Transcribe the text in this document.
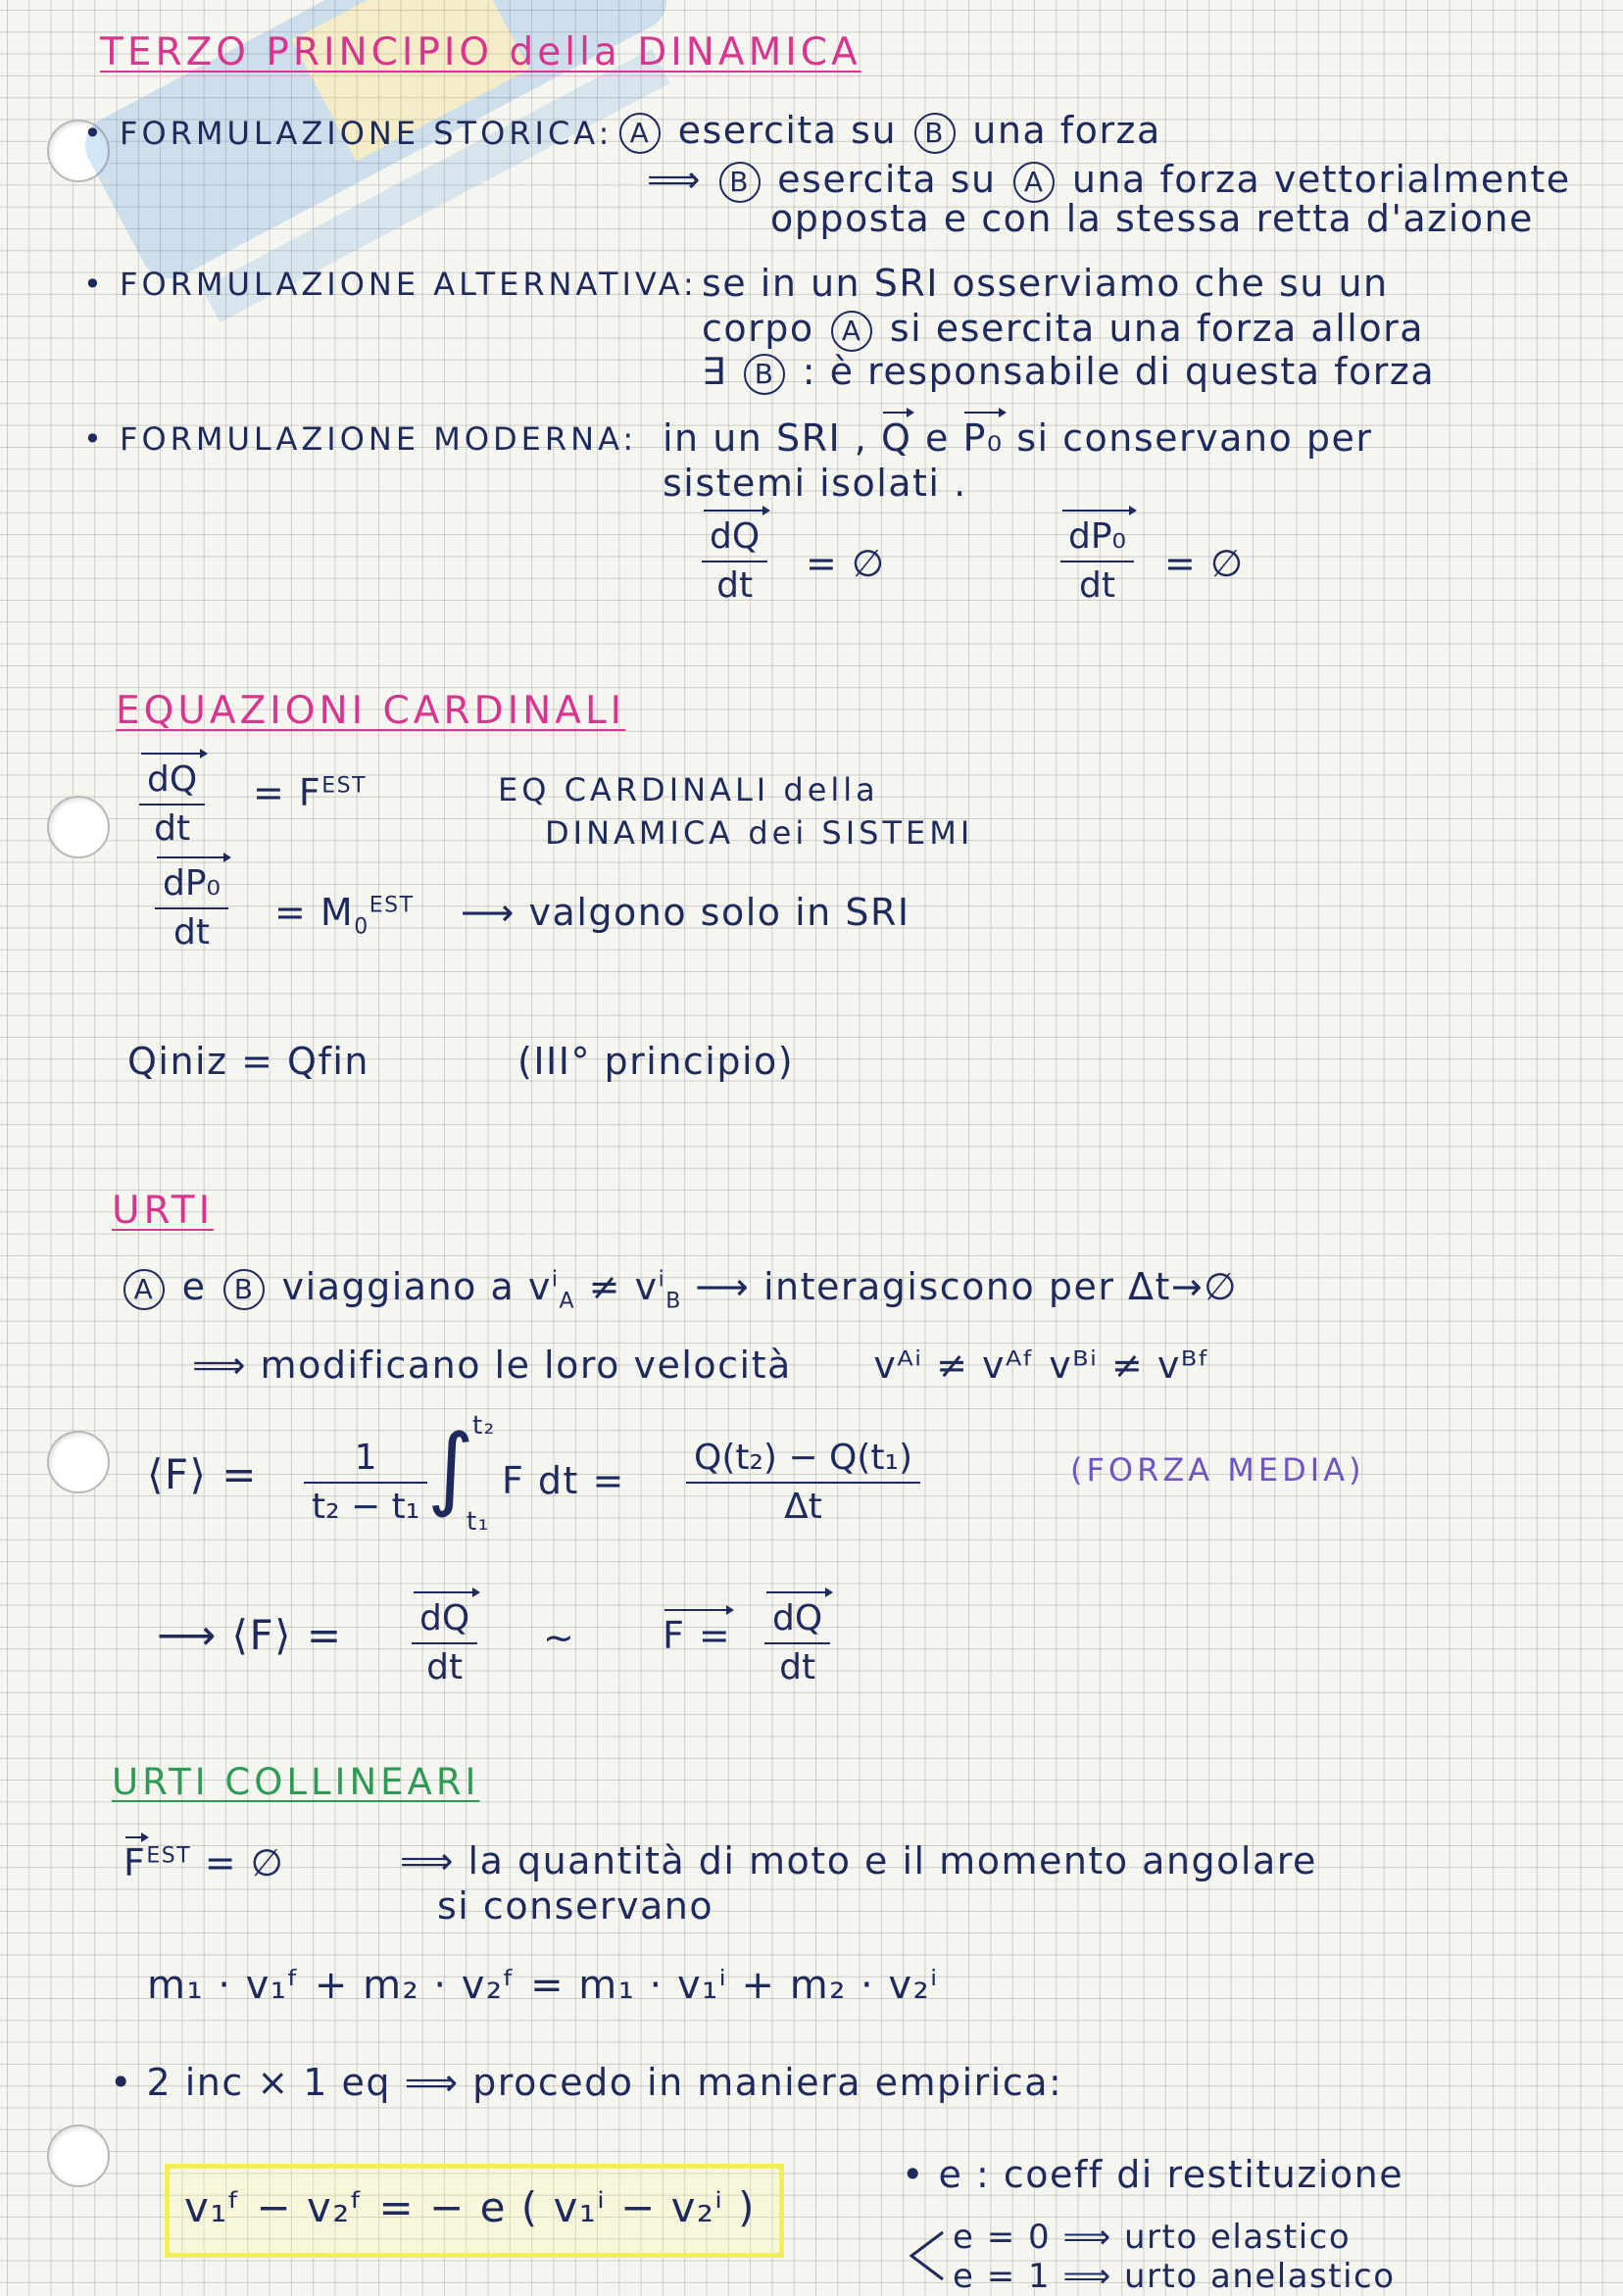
TERZO PRINCIPIO della DINAMICA
• FORMULAZIONE STORICA: A esercita su B una forza
⟹ B esercita su A una forza vettorialmente
opposta e con la stessa retta d'azione
• FORMULAZIONE ALTERNATIVA: se in un SRI osserviamo che su un
corpo A si esercita una forza allora
∃ B : è responsabile di questa forza
• FORMULAZIONE MODERNA: in un SRI , Q e P₀ si conservano per
sistemi isolati .
dQ
dt
= ∅
dP₀
dt
= ∅
EQUAZIONI CARDINALI
dQ
dt
= $F^{EST}$	EQ CARDINALI della
DINAMICA dei SISTEMI
dP₀
dt = $M_0^{EST}$ ⟶ valgono solo in SRI
Qiniz = Qfin	(III° principio)
URTI
A e B viaggiano a $v^i_A \ne v^i_B$ ⟶ interagiscono per Δt→∅
⟹ modificano le loro velocità vᴬⁱ ≠ vᴬᶠ vᴮⁱ ≠ vᴮᶠ
⟨F⟩ =	1
t₂ − t₁ ∫
t₂
t₁
F dt =
Q(t₂) − Q(t₁)
Δt
(FORZA MEDIA)
⟶ ⟨F⟩ = dQ
dt
~ F = dQ
dt
URTI COLLINEARI
$F^{EST}$ = ∅	⟹ la quantità di moto e il momento angolare
si conservano
m₁ · v₁ᶠ + m₂ · v₂ᶠ = m₁ · v₁ⁱ + m₂ · v₂ⁱ
• 2 inc × 1 eq ⟹ procedo in maniera empirica:
v₁ᶠ − v₂ᶠ = − e ( v₁ⁱ − v₂ⁱ )
• e : coeff di restituzione
e = 0 ⟹ urto elastico
e = 1 ⟹ urto anelastico
